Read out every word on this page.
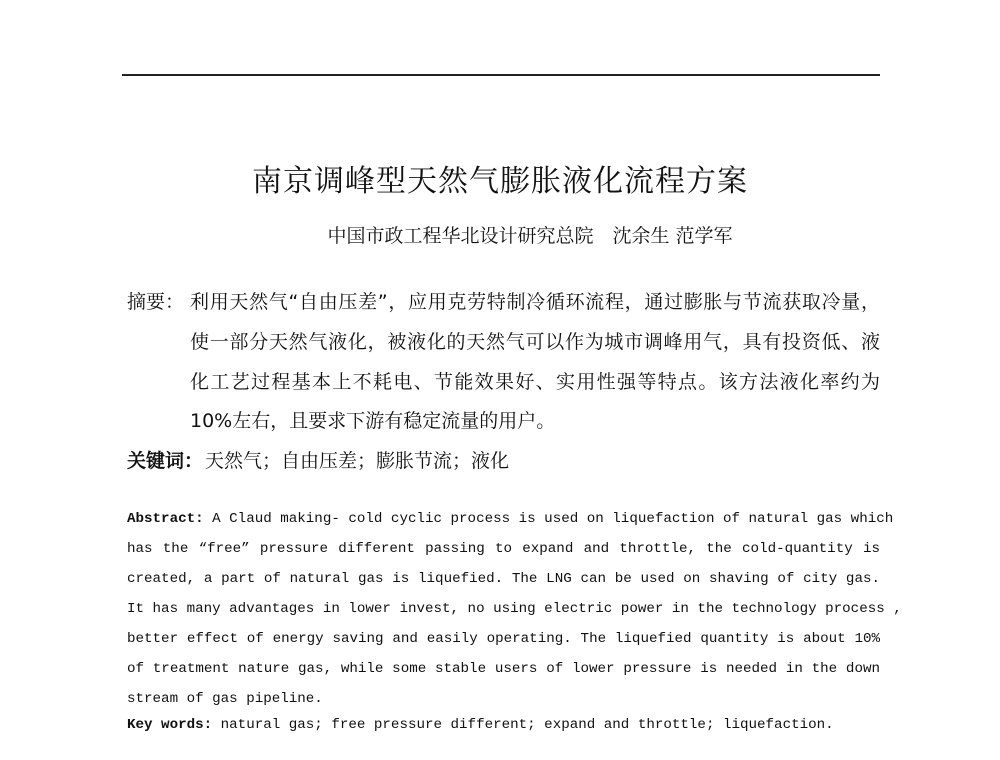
南京调峰型天然气膨胀液化流程方案
中国市政工程华北设计研究总院　沈余生 范学军
摘要： 利用天然气“自由压差”，应用克劳特制冷循环流程，通过膨胀与节流获取冷量，
使一部分天然气液化，被液化的天然气可以作为城市调峰用气，具有投资低、液
化工艺过程基本上不耗电、节能效果好、实用性强等特点。该方法液化率约为
10%左右，且要求下游有稳定流量的用户。
关键词： 天然气；自由压差；膨胀节流；液化
Abstract: A Claud making- cold cyclic process is used on liquefaction of natural gas which
has the “free” pressure different passing to expand and throttle, the cold-quantity is
created, a part of natural gas is liquefied. The LNG can be used on shaving of city gas.
It has many advantages in lower invest, no using electric power in the technology process ,
better effect of energy saving and easily operating. The liquefied quantity is about 10%
of treatment nature gas, while some stable users of lower pressure is needed in the down
stream of gas pipeline.
Key words: natural gas; free pressure different; expand and throttle; liquefaction.
